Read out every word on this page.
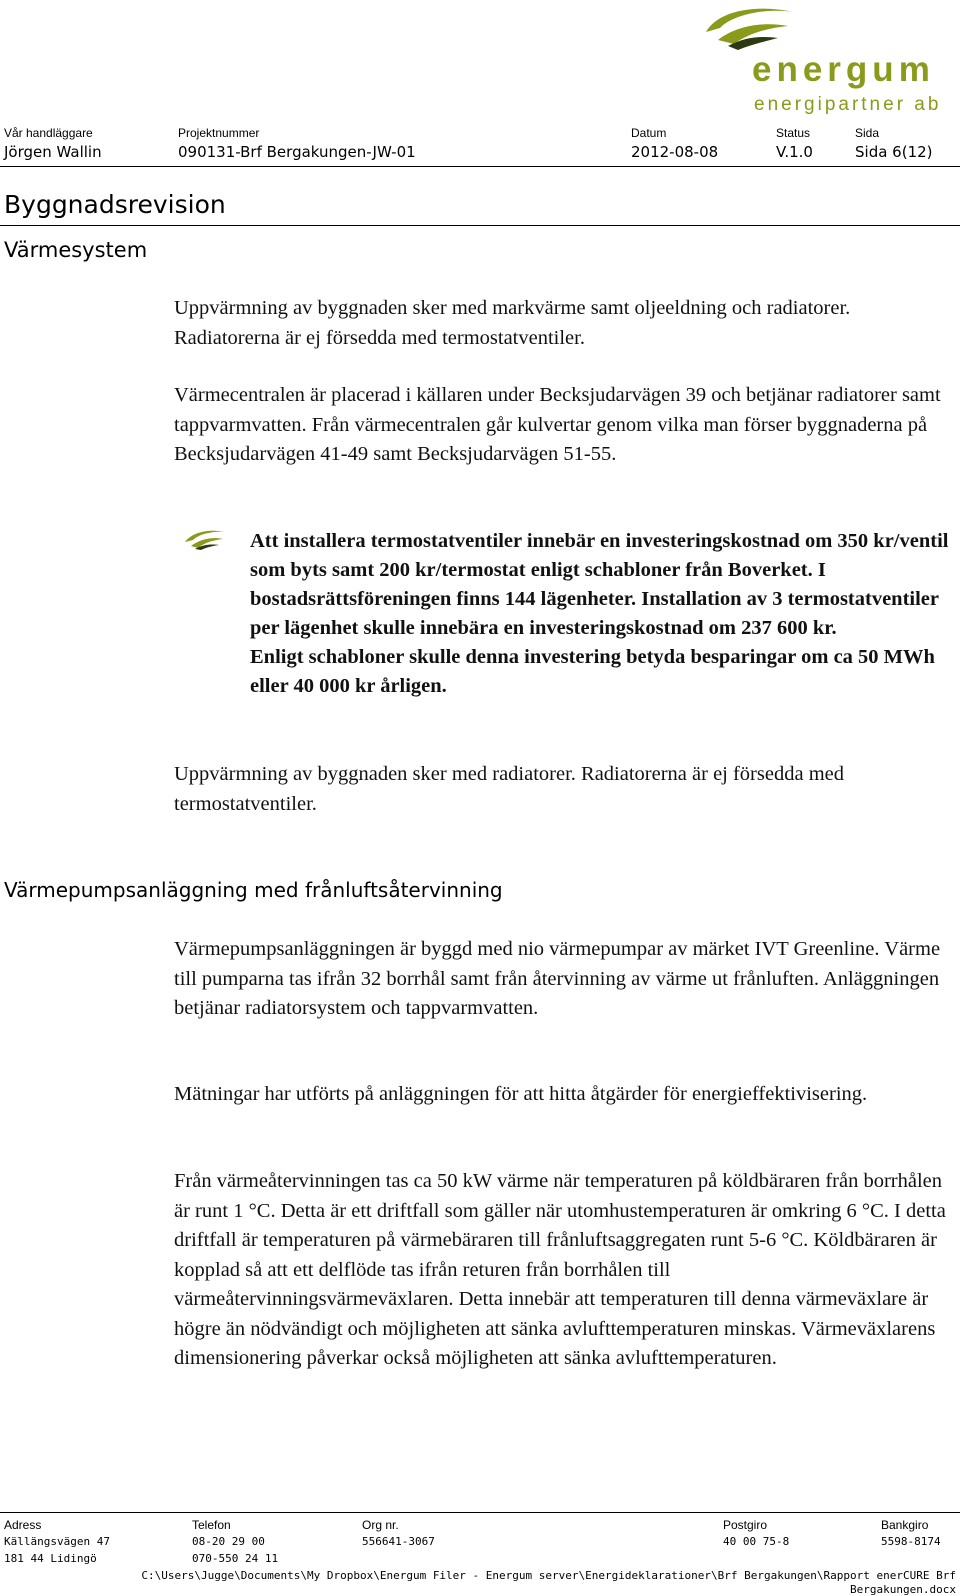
energum
energipartner ab
Vår handläggare	Projektnummer	Datum	Status	Sida
Jörgen Wallin	090131-Brf Bergakungen-JW-01	2012-08-08	V.1.0	Sida 6(12)
Byggnadsrevision
Värmesystem
Uppvärmning av byggnaden sker med markvärme samt oljeeldning och radiatorer. Radiatorerna är ej försedda med termostatventiler.
Värmecentralen är placerad i källaren under Becksjudarvägen 39 och betjänar radiatorer samt tappvarmvatten. Från värmecentralen går kulvertar genom vilka man förser byggnaderna på Becksjudarvägen 41-49 samt Becksjudarvägen 51-55.

Att installera termostatventiler innebär en investeringskostnad om 350 kr/ventil som byts samt 200 kr/termostat enligt schabloner från Boverket. I bostadsrättsföreningen finns 144 lägenheter. Installation av 3 termostatventiler per lägenhet skulle innebära en investeringskostnad om 237 600 kr.

Enligt schabloner skulle denna investering betyda besparingar om ca 50 MWh eller 40 000 kr årligen.

Uppvärmning av byggnaden sker med radiatorer. Radiatorerna är ej försedda med termostatventiler.
Värmepumpsanläggning med frånluftsåtervinning
Värmepumpsanläggningen är byggd med nio värmepumpar av märket IVT Greenline. Värme till pumparna tas ifrån 32 borrhål samt från återvinning av värme ut frånluften. Anläggningen betjänar radiatorsystem och tappvarmvatten.
Mätningar har utförts på anläggningen för att hitta åtgärder för energieffektivisering.
Från värmeåtervinningen tas ca 50 kW värme när temperaturen på köldbäraren från borrhålen är runt 1 °C. Detta är ett driftfall som gäller när utomhustemperaturen är omkring 6 °C. I detta driftfall är temperaturen på värmebäraren till frånluftsaggregaten runt 5-6 °C. Köldbäraren är kopplad så att ett delflöde tas ifrån returen från borrhålen till värmeåtervinningsvärmeväxlaren. Detta innebär att temperaturen till denna värmeväxlare är högre än nödvändigt och möjligheten att sänka avlufttemperaturen minskas. Värmeväxlarens dimensionering påverkar också möjligheten att sänka avlufttemperaturen.
Adress	Telefon	Org nr.	Postgiro	Bankgiro
Källängsvägen 47	08-20 29 00	556641-3067	40 00 75-8	5598-8174
181 44 Lidingö	070-550 24 11
C:\Users\Jugge\Documents\My Dropbox\Energum Filer - Energum server\Energideklarationer\Brf Bergakungen\Rapport enerCURE Brf
Bergakungen.docx
